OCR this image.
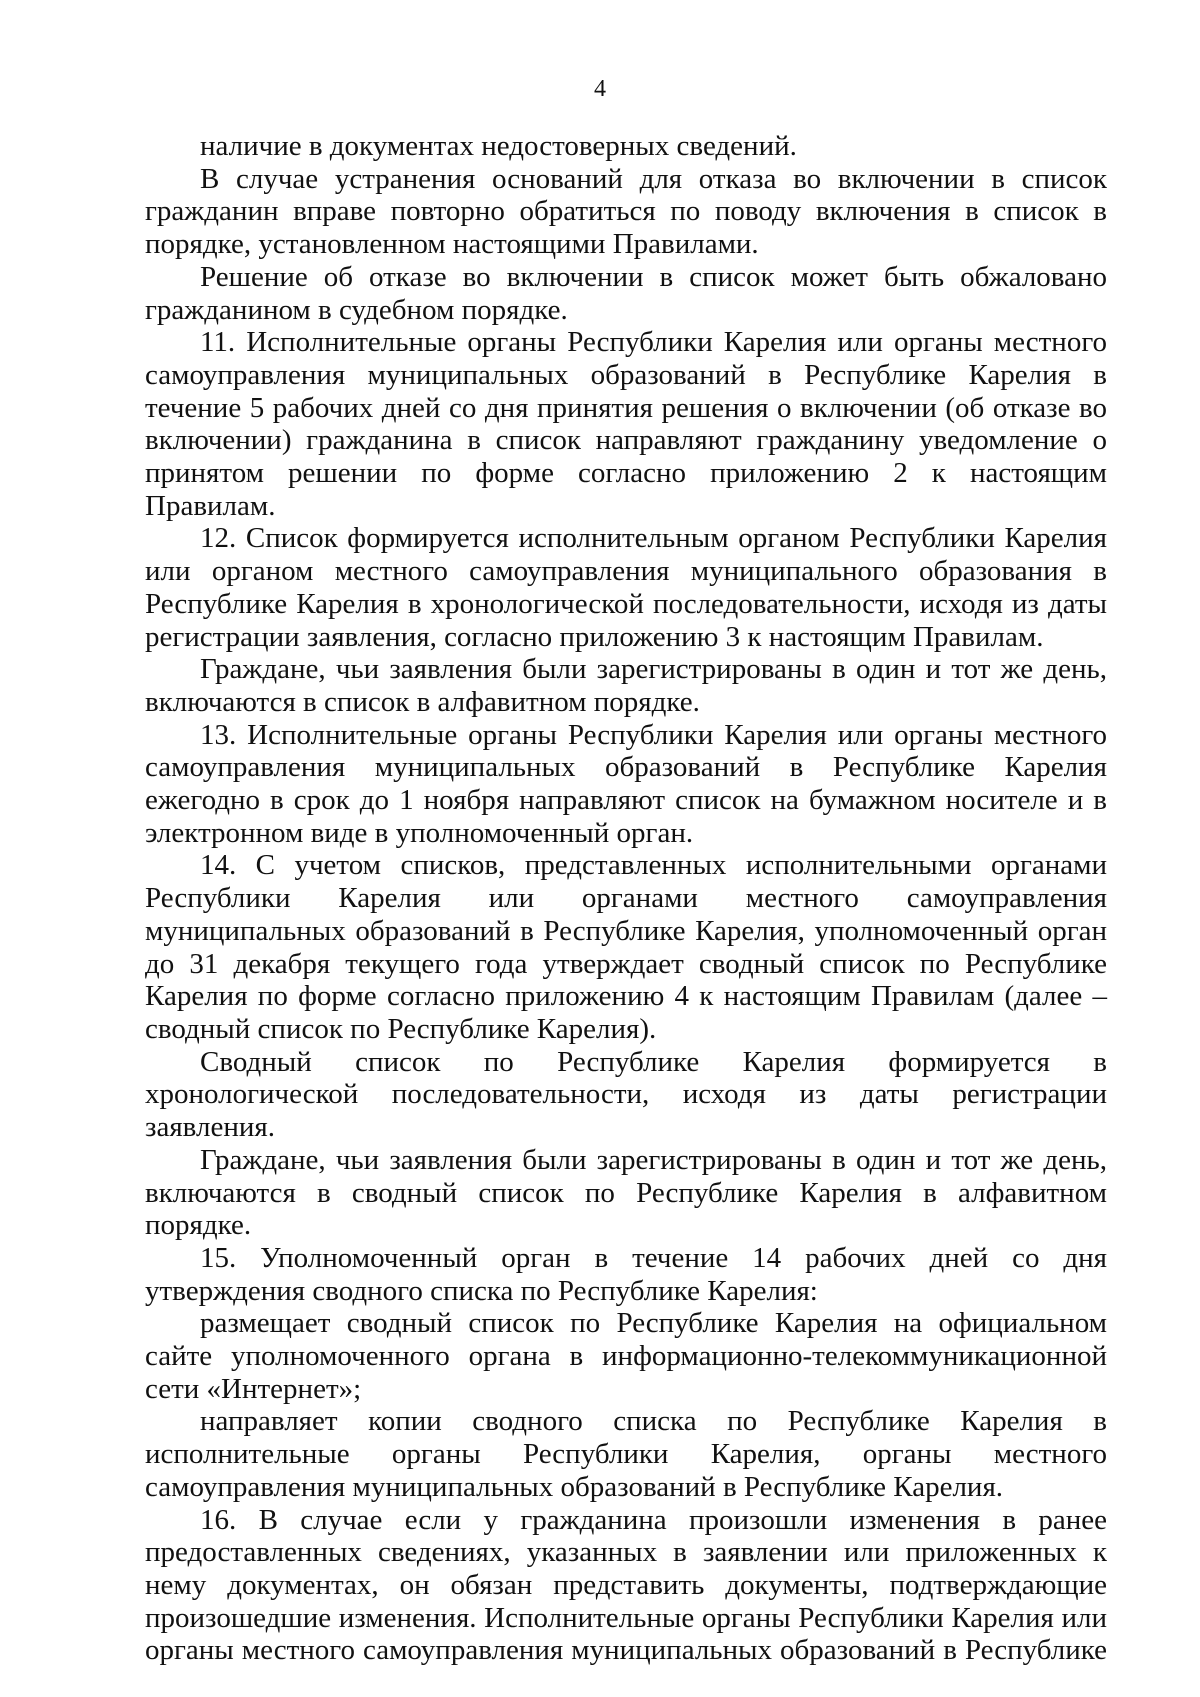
4

наличие в документах недостоверных сведений.

В случае устранения оснований для отказа во включении в список гражданин вправе повторно обратиться по поводу включения в список в порядке, установленном настоящими Правилами.

Решение об отказе во включении в список может быть обжаловано гражданином в судебном порядке.

11. Исполнительные органы Республики Карелия или органы местного самоуправления муниципальных образований в Республике Карелия в течение 5 рабочих дней со дня принятия решения о включении (об отказе во включении) гражданина в список направляют гражданину уведомление о принятом решении по форме согласно приложению 2 к настоящим Правилам.

12. Список формируется исполнительным органом Республики Карелия или органом местного самоуправления муниципального образования в Республике Карелия в хронологической последовательности, исходя из даты регистрации заявления, согласно приложению 3 к настоящим Правилам.

Граждане, чьи заявления были зарегистрированы в один и тот же день, включаются в список в алфавитном порядке.

13. Исполнительные органы Республики Карелия или органы местного самоуправления муниципальных образований в Республике Карелия ежегодно в срок до 1 ноября направляют список на бумажном носителе и в электронном виде в уполномоченный орган.

14. С учетом списков, представленных исполнительными органами Республики Карелия или органами местного самоуправления муниципальных образований в Республике Карелия, уполномоченный орган до 31 декабря текущего года утверждает сводный список по Республике Карелия по форме согласно приложению 4 к настоящим Правилам (далее – сводный список по Республике Карелия).

Сводный список по Республике Карелия формируется в хронологической последовательности, исходя из даты регистрации заявления.

Граждане, чьи заявления были зарегистрированы в один и тот же день, включаются в сводный список по Республике Карелия в алфавитном порядке.

15. Уполномоченный орган в течение 14 рабочих дней со дня утверждения сводного списка по Республике Карелия:

размещает сводный список по Республике Карелия на официальном сайте уполномоченного органа в информационно-телекоммуникационной сети «Интернет»;

направляет копии сводного списка по Республике Карелия в исполнительные органы Республики Карелия, органы местного самоуправления муниципальных образований в Республике Карелия.

16. В случае если у гражданина произошли изменения в ранее предоставленных сведениях, указанных в заявлении или приложенных к нему документах, он обязан представить документы, подтверждающие произошедшие изменения. Исполнительные органы Республики Карелия или органы местного самоуправления муниципальных образований в Республике
